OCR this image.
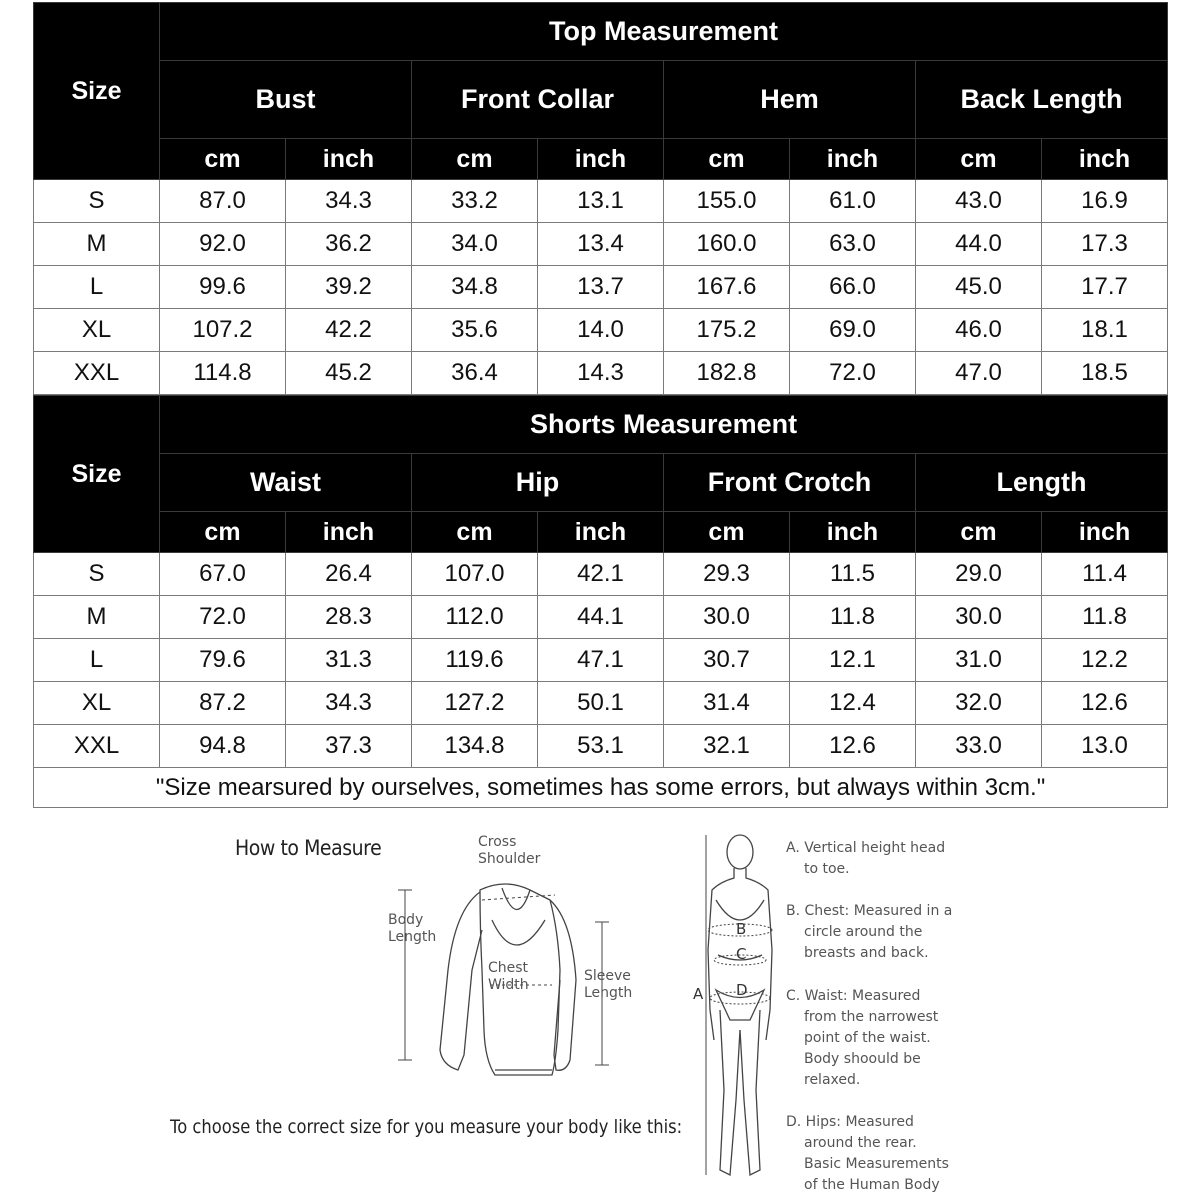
Size	Top Measurement							
	Bust		Front Collar		Hem		Back Length	
	cm	inch	cm	inch	cm	inch	cm	inch
S	87.0	34.3	33.2	13.1	155.0	61.0	43.0	16.9
M	92.0	36.2	34.0	13.4	160.0	63.0	44.0	17.3
L	99.6	39.2	34.8	13.7	167.6	66.0	45.0	17.7
XL	107.2	42.2	35.6	14.0	175.2	69.0	46.0	18.1
XXL	114.8	45.2	36.4	14.3	182.8	72.0	47.0	18.5
Size	Shorts Measurement							
	Waist		Hip		Front Crotch		Length	
	cm	inch	cm	inch	cm	inch	cm	inch
S	67.0	26.4	107.0	42.1	29.3	11.5	29.0	11.4
M	72.0	28.3	112.0	44.1	30.0	11.8	30.0	11.8
L	79.6	31.3	119.6	47.1	30.7	12.1	31.0	12.2
XL	87.2	34.3	127.2	50.1	31.4	12.4	32.0	12.6
XXL	94.8	37.3	134.8	53.1	32.1	12.6	33.0	13.0
"Size mearsured by ourselves, sometimes has some errors, but always within 3cm."								
How to Measure	Cross
Shoulder
Body
Length
Chest
Width
Sleeve
Length
To choose the correct size for you measure your body like this:
A
B
C
D
A. Vertical height head
to toe.
B. Chest: Measured in a
circle around the
breasts and back.
C. Waist: Measured
from the narrowest
point of the waist.
Body shoould be
relaxed.
D. Hips: Measured
around the rear.
Basic Measurements
of the Human Body
